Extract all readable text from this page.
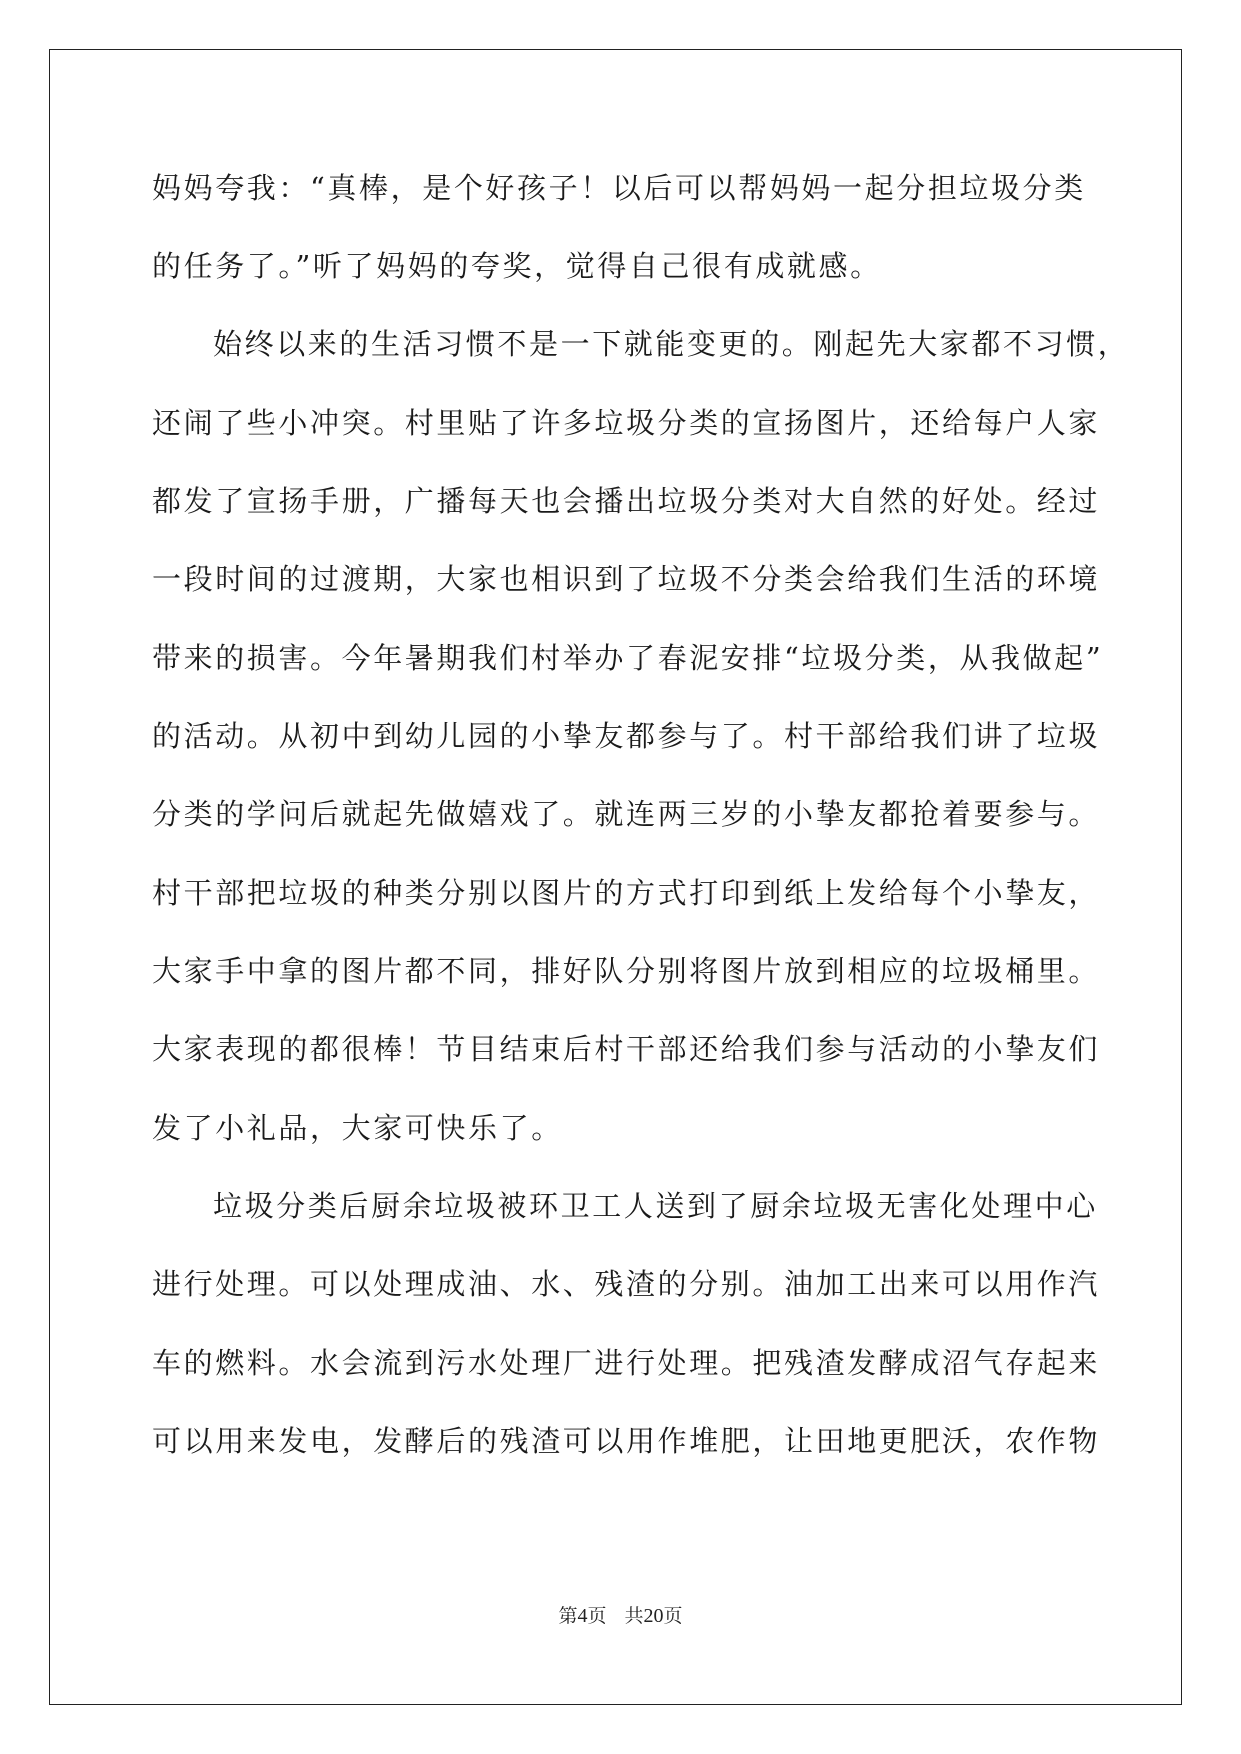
妈妈夸我：“真棒，是个好孩子！以后可以帮妈妈一起分担垃圾分类
的任务了。”听了妈妈的夸奖，觉得自己很有成就感。
始终以来的生活习惯不是一下就能变更的。刚起先大家都不习惯，
还闹了些小冲突。村里贴了许多垃圾分类的宣扬图片，还给每户人家
都发了宣扬手册，广播每天也会播出垃圾分类对大自然的好处。经过
一段时间的过渡期，大家也相识到了垃圾不分类会给我们生活的环境
带来的损害。今年暑期我们村举办了春泥安排“垃圾分类，从我做起”
的活动。从初中到幼儿园的小挚友都参与了。村干部给我们讲了垃圾
分类的学问后就起先做嬉戏了。就连两三岁的小挚友都抢着要参与。
村干部把垃圾的种类分别以图片的方式打印到纸上发给每个小挚友，
大家手中拿的图片都不同，排好队分别将图片放到相应的垃圾桶里。
大家表现的都很棒！节目结束后村干部还给我们参与活动的小挚友们
发了小礼品，大家可快乐了。
垃圾分类后厨余垃圾被环卫工人送到了厨余垃圾无害化处理中心
进行处理。可以处理成油、水、残渣的分别。油加工出来可以用作汽
车的燃料。水会流到污水处理厂进行处理。把残渣发酵成沼气存起来
可以用来发电，发酵后的残渣可以用作堆肥，让田地更肥沃，农作物
第4页 共20页
